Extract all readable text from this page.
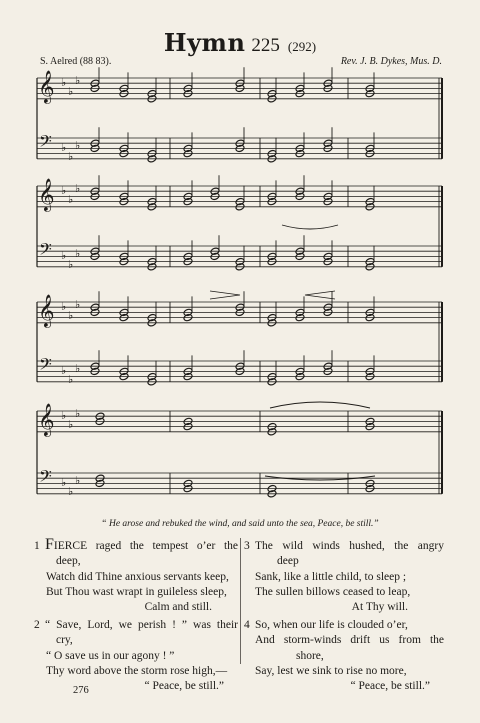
Hymn 225 (292)
S. Aelred (88 83).	Rev. J. B. Dykes, Mus. D.
𝄞 ♭
♭
♭
𝄢 ♭
♭
♭
𝄞 ♭
♭
♭
𝄢 ♭
♭
♭
𝄞 ♭
♭
♭
𝄢 ♭
♭
♭
𝄞 ♭
♭
♭
𝄢 ♭
♭
♭
“ He arose and rebuked the wind, and said unto the sea, Peace, be still.”
1 FIERCE raged the tempest o’er the
deep,
Watch did Thine anxious servants keep,
But Thou wast wrapt in guileless sleep,
Calm and still.
2 “ Save, Lord, we perish ! ” was their
cry,
“ O save us in our agony ! ”
Thy word above the storm rose high,—
“ Peace, be still.”
3 The wild winds hushed, the angry
deep
Sank, like a little child, to sleep ;
The sullen billows ceased to leap,
At Thy will.
4 So, when our life is clouded o’er,
And storm-winds drift us from the
shore,
Say, lest we sink to rise no more,
“ Peace, be still.”
276
